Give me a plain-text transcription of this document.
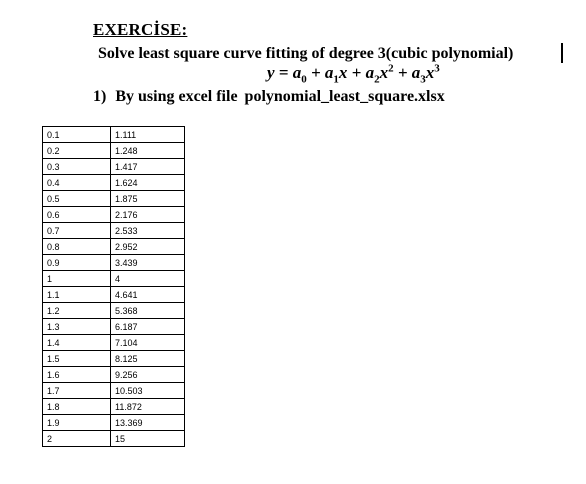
EXERCİSE:
Solve least square curve fitting of degree 3(cubic polynomial)
$y = a_0 + a_1x + a_2x^2 + a_3x^3$
1) By using excel file polynomial_least_square.xlsx
0.1	1.111
0.2	1.248
0.3	1.417
0.4	1.624
0.5	1.875
0.6	2.176
0.7	2.533
0.8	2.952
0.9	3.439
1	4
1.1	4.641
1.2	5.368
1.3	6.187
1.4	7.104
1.5	8.125
1.6	9.256
1.7	10.503
1.8	11.872
1.9	13.369
2	15
